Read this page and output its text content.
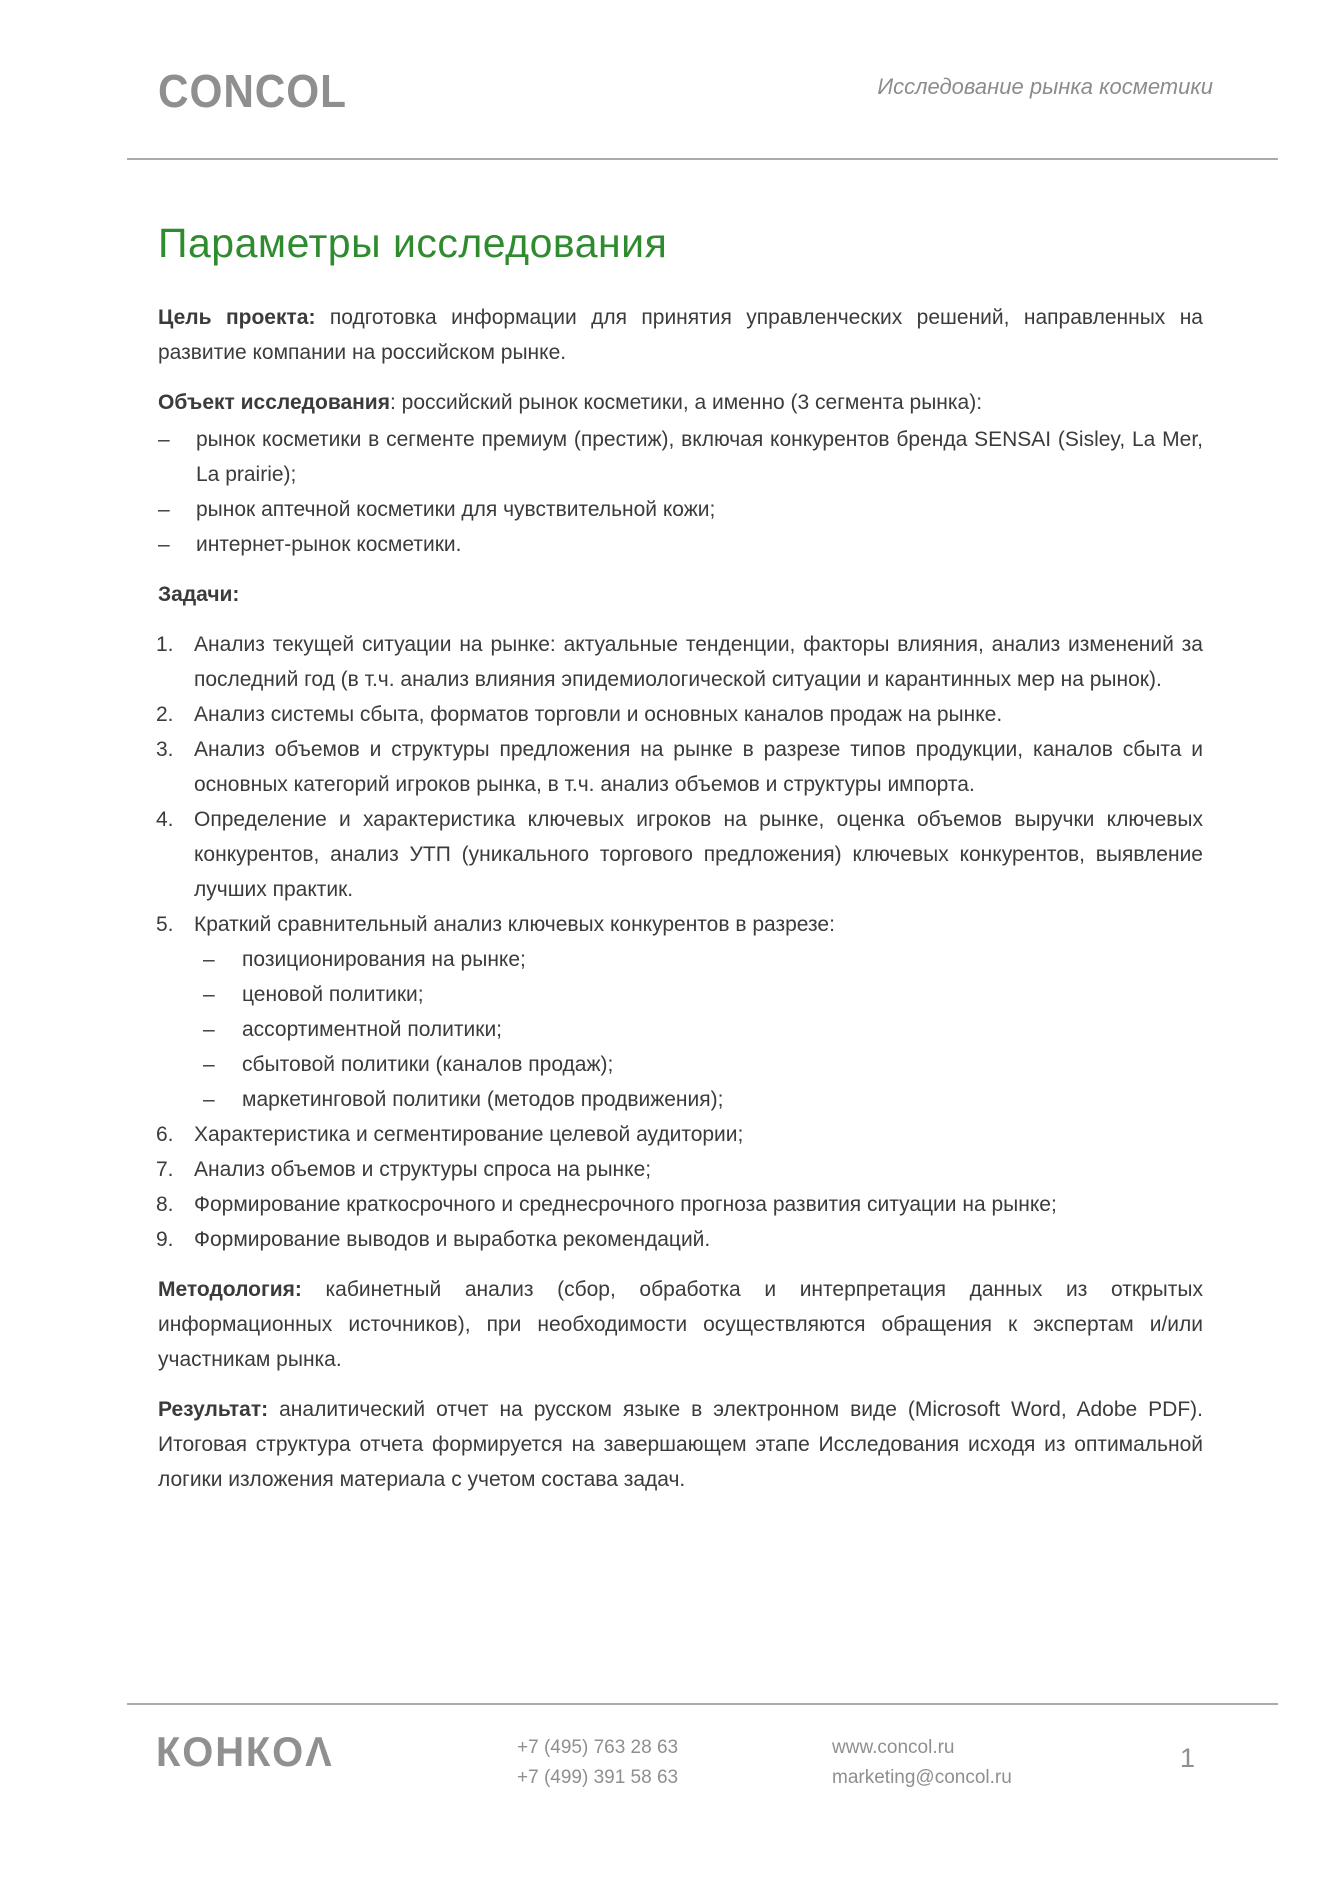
CONCOL	Исследование рынка косметики
Параметры исследования

Цель проекта: подготовка информации для принятия управленческих решений, направленных на развитие компании на российском рынке.

Объект исследования: российский рынок косметики, а именно (3 сегмента рынка):

– рынок косметики в сегменте премиум (престиж), включая конкурентов бренда SENSAI (Sisley, La Mer, La prairie);
– рынок аптечной косметики для чувствительной кожи;
– интернет-рынок косметики.

Задачи:

1. Анализ текущей ситуации на рынке: актуальные тенденции, факторы влияния, анализ изменений за последний год (в т.ч. анализ влияния эпидемиологической ситуации и карантинных мер на рынок).
2. Анализ системы сбыта, форматов торговли и основных каналов продаж на рынке.
3. Анализ объемов и структуры предложения на рынке в разрезе типов продукции, каналов сбыта и основных категорий игроков рынка, в т.ч. анализ объемов и структуры импорта.
4. Определение и характеристика ключевых игроков на рынке, оценка объемов выручки ключевых конкурентов, анализ УТП (уникального торгового предложения) ключевых конкурентов, выявление лучших практик.
5. Краткий сравнительный анализ ключевых конкурентов в разрезе:
– позиционирования на рынке;
– ценовой политики;
– ассортиментной политики;
– сбытовой политики (каналов продаж);
– маркетинговой политики (методов продвижения);
6. Характеристика и сегментирование целевой аудитории;
7. Анализ объемов и структуры спроса на рынке;
8. Формирование краткосрочного и среднесрочного прогноза развития ситуации на рынке;
9. Формирование выводов и выработка рекомендаций.

Методология: кабинетный анализ (сбор, обработка и интерпретация данных из открытых информационных источников), при необходимости осуществляются обращения к экспертам и/или участникам рынка.

Результат: аналитический отчет на русском языке в электронном виде (Microsoft Word, Adobe PDF). Итоговая структура отчета формируется на завершающем этапе Исследования исходя из оптимальной логики изложения материала с учетом состава задач.

КОНКОΛ	+7 (495) 763 28 63
+7 (499) 391 58 63
www.concol.ru
marketing@concol.ru
1
